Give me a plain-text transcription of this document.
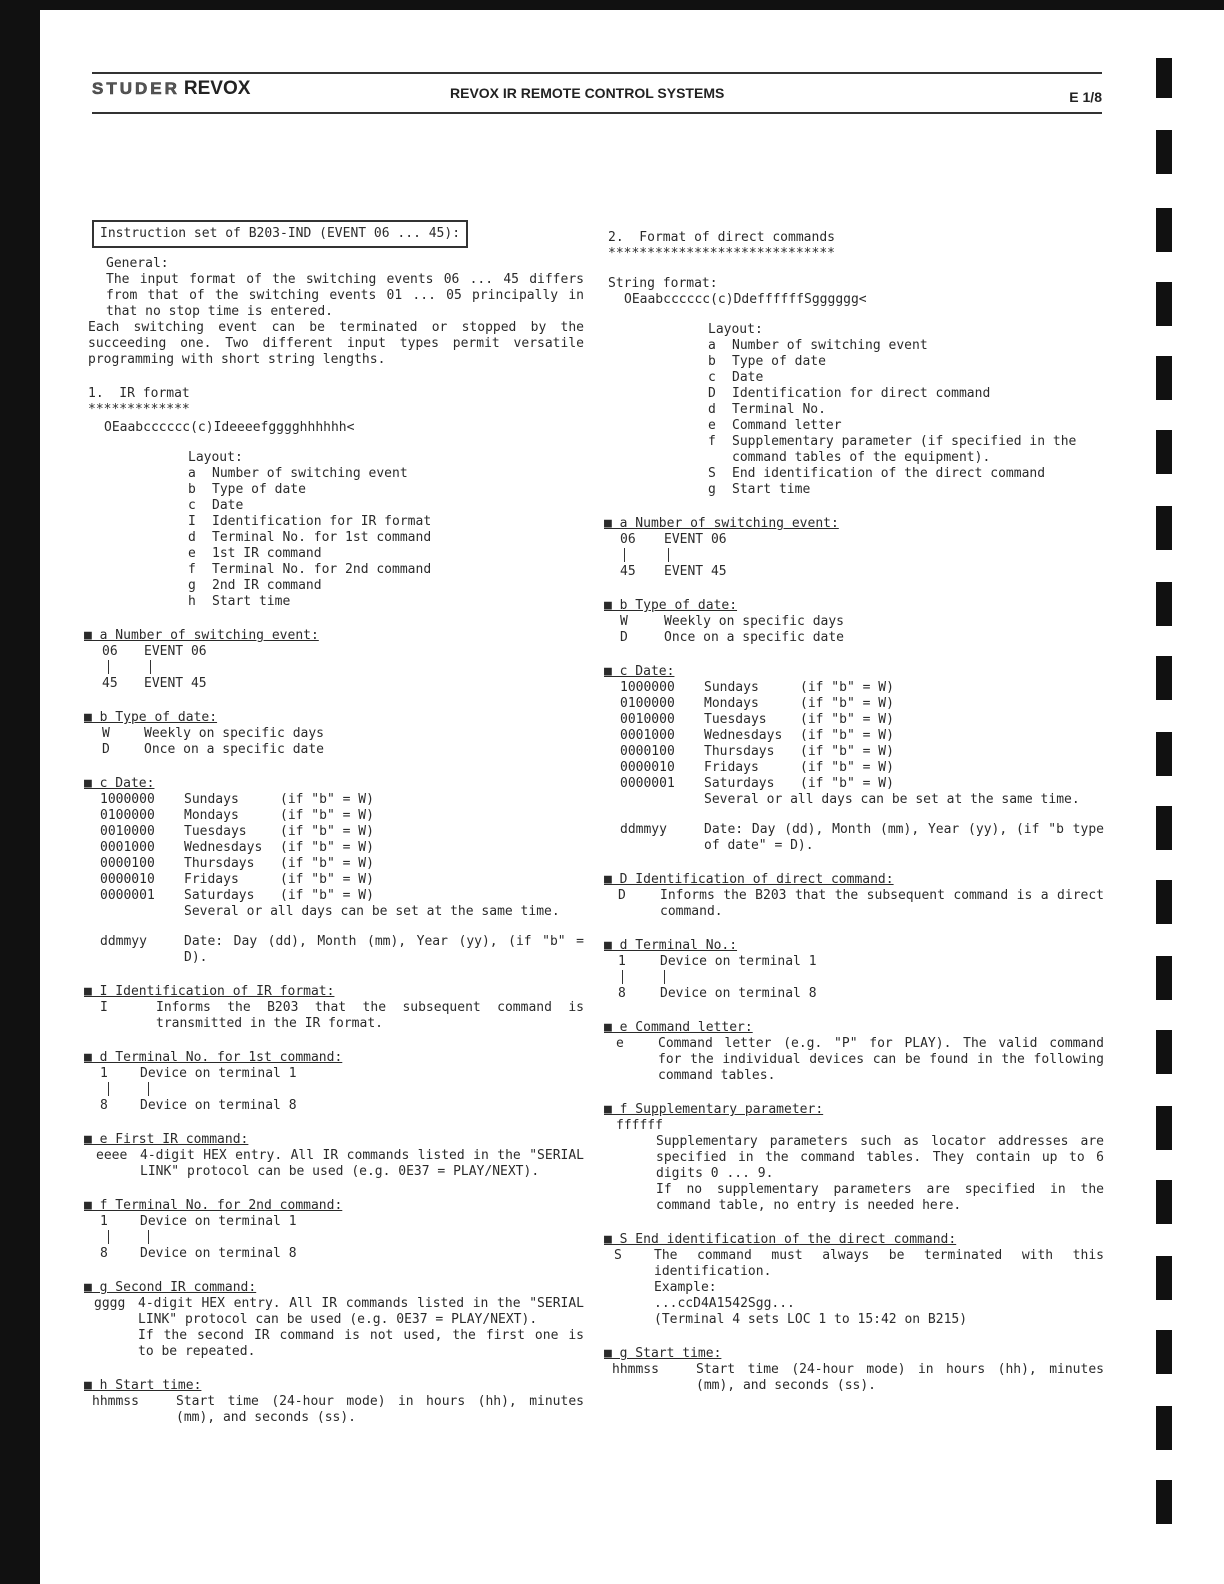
STUDER REVOX	REVOX IR REMOTE CONTROL SYSTEMS	E 1/8
Instruction set of B203-IND (EVENT 06 ... 45):
General:
The input format of the switching events 06 ... 45 differs from that of the switching events 01 ... 05 principally in that no stop time is entered.
Each switching event can be terminated or stopped by the succeeding one. Two different input types permit versatile programming with short string lengths.
1.  IR format
*************
OEaabcccccc(c)Ideeeefgggghhhhhh<
Layout:
a	Number of switching event
b	Type of date
c	Date
I	Identification for IR format
d	Terminal No. for 1st command
e	1st IR command
f	Terminal No. for 2nd command
g	2nd IR command
h	Start time
■ a Number of switching event:
06	EVENT 06
45	EVENT 45
■ b Type of date:
W	Weekly on specific days
D	Once on a specific date
■ c Date:
1000000	Sundays	(if "b" = W)
0100000	Mondays	(if "b" = W)
0010000	Tuesdays	(if "b" = W)
0001000	Wednesdays	(if "b" = W)
0000100	Thursdays	(if "b" = W)
0000010	Fridays	(if "b" = W)
0000001	Saturdays	(if "b" = W)
Several or all days can be set at the same time.
ddmmyy	Date: Day (dd), Month (mm), Year (yy), (if "b" = D).
■ I Identification of IR format:
I	Informs the B203 that the subsequent command is transmitted in the IR format.
■ d Terminal No. for 1st command:
1	Device on terminal 1
8	Device on terminal 8
■ e First IR command:
eeee 4-digit HEX entry. All IR commands listed in the "SERIAL LINK" protocol can be used (e.g. 0E37 = PLAY/NEXT).
■ f Terminal No. for 2nd command:
1	Device on terminal 1
8	Device on terminal 8
■ g Second IR command:
gggg 4-digit HEX entry. All IR commands listed in the "SERIAL LINK" protocol can be used (e.g. 0E37 = PLAY/NEXT).
If the second IR command is not used, the first one is to be repeated.
■ h Start time:
hhmmss	Start time (24-hour mode) in hours (hh), minutes (mm), and seconds (ss).
2.  Format of direct commands
*****************************
String format:
OEaabcccccc(c)DdeffffffSgggggg<
Layout:
a	Number of switching event
b	Type of date
c	Date
D	Identification for direct command
d	Terminal No.
e	Command letter
f	Supplementary parameter (if specified in the command tables of the equipment).
S	End identification of the direct command
g	Start time
■ a Number of switching event:
06	EVENT 06
45	EVENT 45
■ b Type of date:
W	Weekly on specific days
D	Once on a specific date
■ c Date:
1000000	Sundays	(if "b" = W)
0100000	Mondays	(if "b" = W)
0010000	Tuesdays	(if "b" = W)
0001000	Wednesdays	(if "b" = W)
0000100	Thursdays	(if "b" = W)
0000010	Fridays	(if "b" = W)
0000001	Saturdays	(if "b" = W)
Several or all days can be set at the same time.
ddmmyy	Date: Day (dd), Month (mm), Year (yy), (if "b type of date" = D).
■ D Identification of direct command:
D	Informs the B203 that the subsequent command is a direct command.
■ d Terminal No.:
1	Device on terminal 1
8	Device on terminal 8
■ e Command letter:
e	Command letter (e.g. "P" for PLAY). The valid command for the individual devices can be found in the following command tables.
■ f Supplementary parameter:
ffffff
Supplementary parameters such as locator addresses are specified in the command tables. They contain up to 6 digits 0 ... 9.
If no supplementary parameters are specified in the command table, no entry is needed here.
■ S End identification of the direct command:
S	The command must always be terminated with this identification.
Example:
...ccD4A1542Sgg...
(Terminal 4 sets LOC 1 to 15:42 on B215)
■ g Start time:
hhmmss	Start time (24-hour mode) in hours (hh), minutes (mm), and seconds (ss).
